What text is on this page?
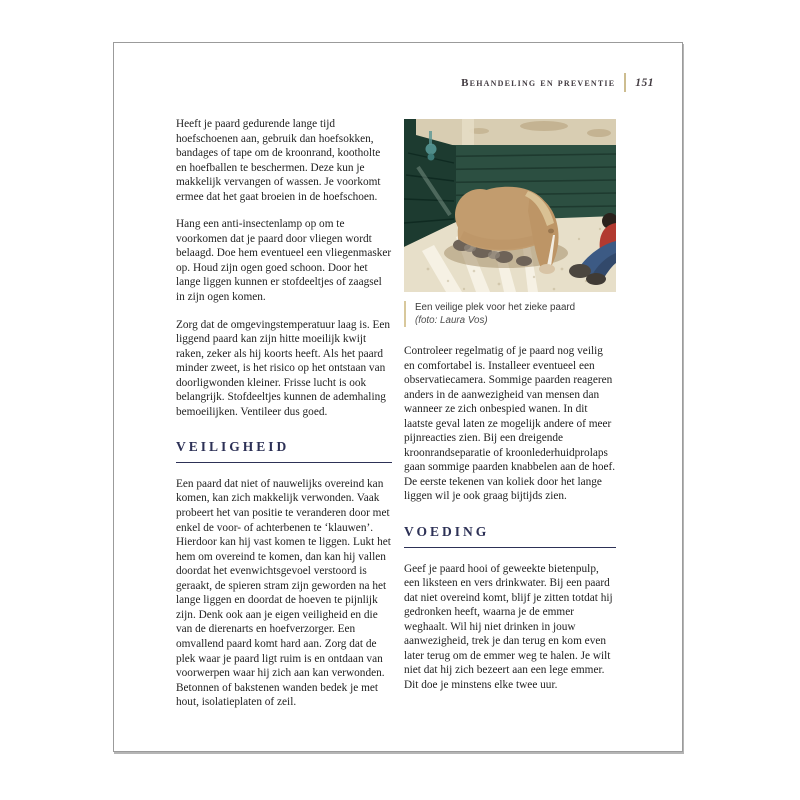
Behandeling en preventie 151

Heeft je paard gedurende lange tijd hoefschoenen aan, gebruik dan hoefsokken, bandages of tape om de kroonrand, kootholte en hoefballen te beschermen. Deze kun je makkelijk vervangen of wassen. Je voorkomt ermee dat het gaat broeien in de hoefschoen.

Hang een anti-insectenlamp op om te voorkomen dat je paard door vliegen wordt belaagd. Doe hem eventueel een vliegenmasker op. Houd zijn ogen goed schoon. Door het lange liggen kunnen er stofdeeltjes of zaagsel in zijn ogen komen.

Zorg dat de omgevingstemperatuur laag is. Een liggend paard kan zijn hitte moeilijk kwijt raken, zeker als hij koorts heeft. Als het paard minder zweet, is het risico op het ontstaan van doorligwonden kleiner. Frisse lucht is ook belangrijk. Stofdeeltjes kunnen de ademhaling bemoeilijken. Ventileer dus goed.

VEILIGHEID

Een paard dat niet of nauwelijks overeind kan komen, kan zich makkelijk verwonden. Vaak probeert het van positie te veranderen door met enkel de voor- of achterbenen te ‘klauwen’. Hierdoor kan hij vast komen te liggen. Lukt het hem om overeind te komen, dan kan hij vallen doordat het evenwichtsgevoel verstoord is geraakt, de spieren stram zijn geworden na het lange liggen en doordat de hoeven te pijnlijk zijn. Denk ook aan je eigen veiligheid en die van de dierenarts en hoefverzorger. Een omvallend paard komt hard aan. Zorg dat de plek waar je paard ligt ruim is en ontdaan van voorwerpen waar hij zich aan kan verwonden. Betonnen of bakstenen wanden bedek je met hout, isolatieplaten of zeil.

Een veilige plek voor het zieke paard
(foto: Laura Vos)

Controleer regelmatig of je paard nog veilig en comfortabel is. Installeer eventueel een observatiecamera. Sommige paarden reageren anders in de aanwezigheid van mensen dan wanneer ze zich onbespied wanen. In dit laatste geval laten ze mogelijk andere of meer pijnreacties zien. Bij een dreigende kroonrandseparatie of kroonlederhuidprolaps gaan sommige paarden knabbelen aan de hoef. De eerste tekenen van koliek door het lange liggen wil je ook graag bijtijds zien.

VOEDING

Geef je paard hooi of geweekte bietenpulp, een liksteen en vers drinkwater. Bij een paard dat niet overeind komt, blijf je zitten totdat hij gedronken heeft, waarna je de emmer weghaalt. Wil hij niet drinken in jouw aanwezigheid, trek je dan terug en kom even later terug om de emmer weg te halen. Je wilt niet dat hij zich bezeert aan een lege emmer. Dit doe je minstens elke twee uur.
